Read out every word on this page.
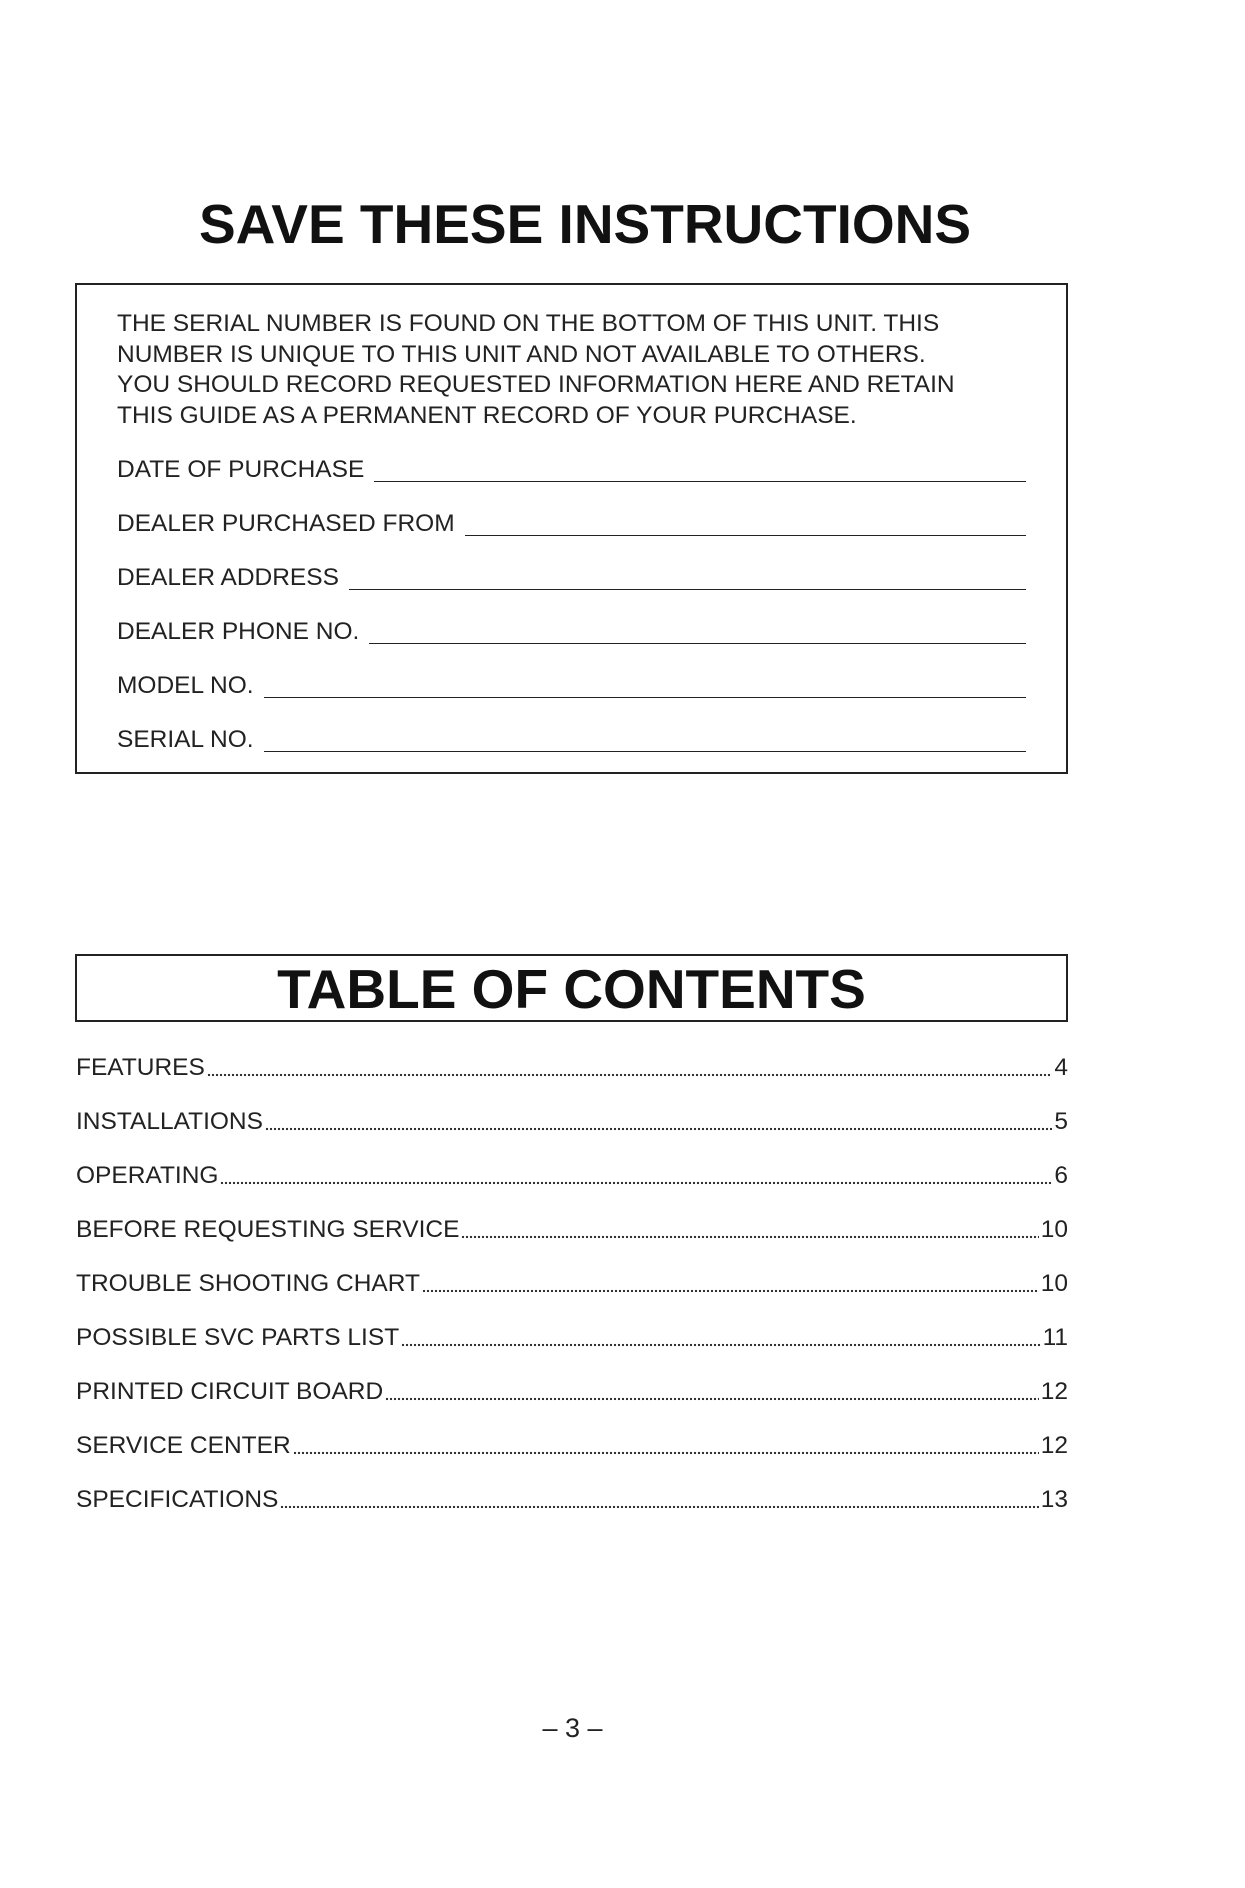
SAVE THESE INSTRUCTIONS
THE SERIAL NUMBER IS FOUND ON THE BOTTOM OF THIS UNIT. THIS
NUMBER IS UNIQUE TO THIS UNIT AND NOT AVAILABLE TO OTHERS.
YOU SHOULD RECORD REQUESTED INFORMATION HERE AND RETAIN
THIS GUIDE AS A PERMANENT RECORD OF YOUR PURCHASE.
DATE OF PURCHASE
DEALER PURCHASED FROM
DEALER ADDRESS
DEALER PHONE NO.
MODEL NO.
SERIAL NO.
TABLE OF CONTENTS
FEATURES	4
INSTALLATIONS	5
OPERATING	6
BEFORE REQUESTING SERVICE	10
TROUBLE SHOOTING CHART	10
POSSIBLE SVC PARTS LIST	11
PRINTED CIRCUIT BOARD	12
SERVICE CENTER	12
SPECIFICATIONS	13
– 3 –
